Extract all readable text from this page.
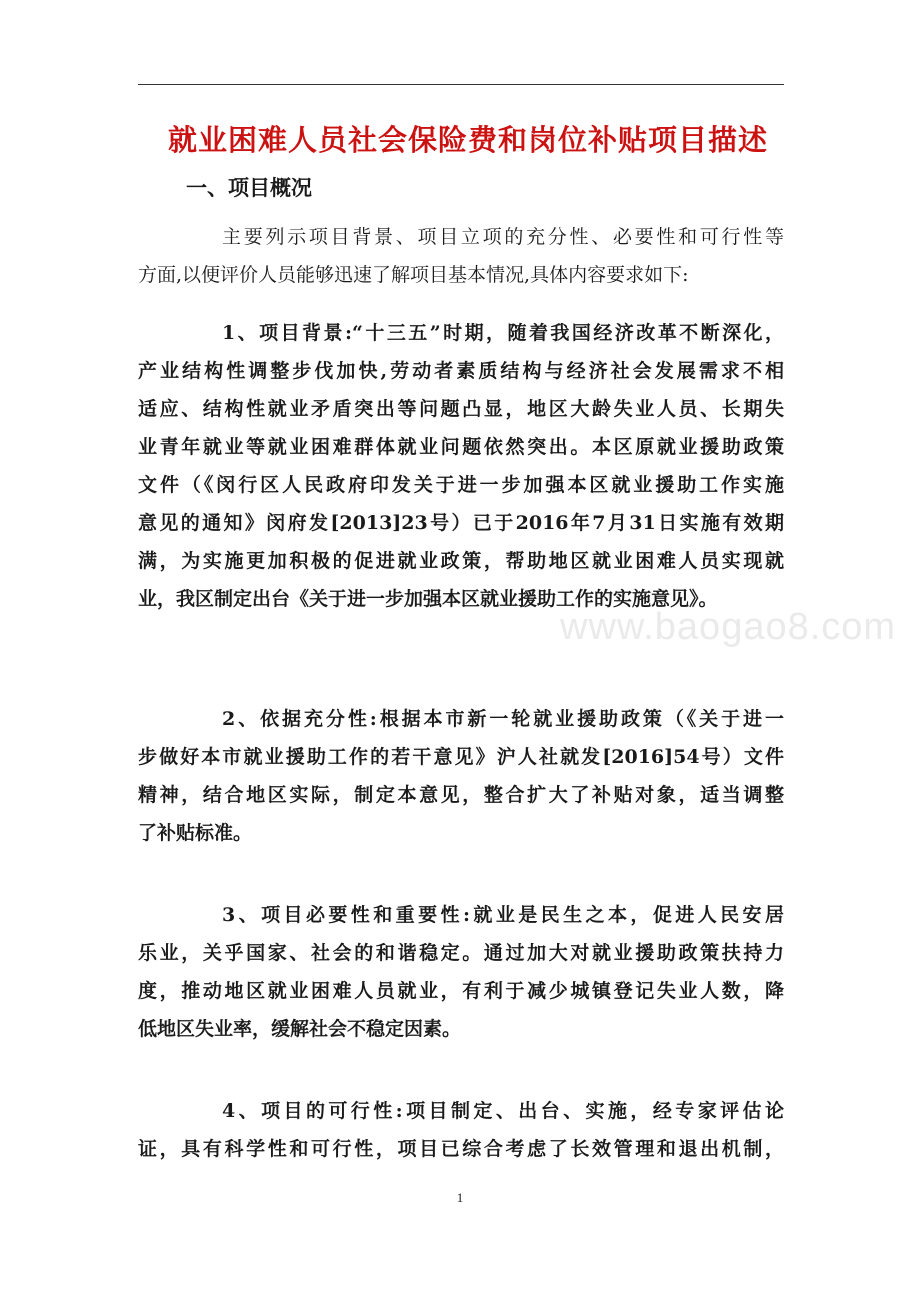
就业困难人员社会保险费和岗位补贴项目描述
一、项目概况
主要列示项目背景、项目立项的充分性、必要性和可行性等
方面,以便评价人员能够迅速了解项目基本情况,具体内容要求如下:
1、项目背景:“十三五”时期，随着我国经济改革不断深化，
产业结构性调整步伐加快,劳动者素质结构与经济社会发展需求不相
适应、结构性就业矛盾突出等问题凸显，地区大龄失业人员、长期失
业青年就业等就业困难群体就业问题依然突出。本区原就业援助政策
文件（《闵行区人民政府印发关于进一步加强本区就业援助工作实施
意见的通知》闵府发[2013]23号）已于2016年7月31日实施有效期
满，为实施更加积极的促进就业政策，帮助地区就业困难人员实现就
业，我区制定出台《关于进一步加强本区就业援助工作的实施意见》。
2、依据充分性:根据本市新一轮就业援助政策（《关于进一
步做好本市就业援助工作的若干意见》沪人社就发[2016]54号）文件
精神，结合地区实际，制定本意见，整合扩大了补贴对象，适当调整
了补贴标准。
3、项目必要性和重要性:就业是民生之本，促进人民安居
乐业，关乎国家、社会的和谐稳定。通过加大对就业援助政策扶持力
度，推动地区就业困难人员就业，有利于减少城镇登记失业人数，降
低地区失业率，缓解社会不稳定因素。
4、项目的可行性:项目制定、出台、实施，经专家评估论
证，具有科学性和可行性，项目已综合考虑了长效管理和退出机制，
www.baogao8.com
1
